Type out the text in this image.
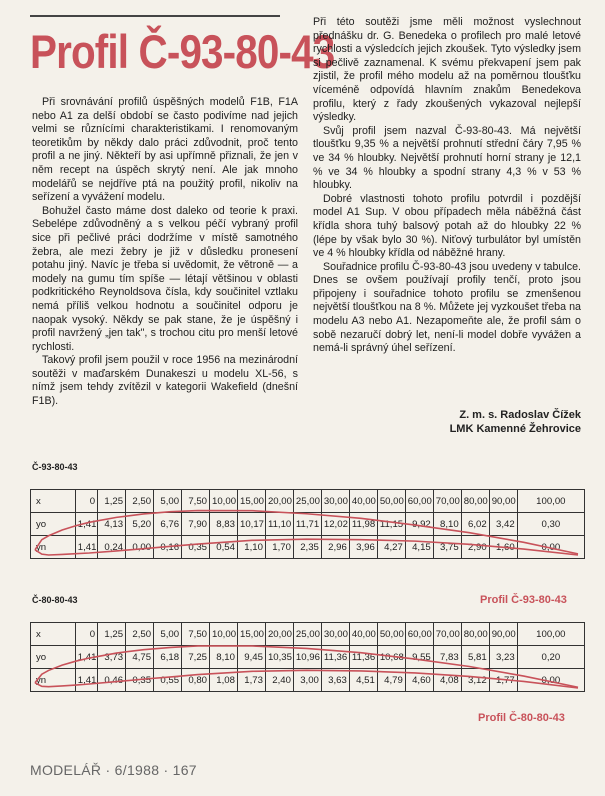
Profil Č-93-80-43

Při srovnávání profilů úspěšných modelů F1B, F1A nebo A1 za delší období se často podivíme nad jejich velmi se různícími charakteristikami. I renomovaným teoretikům by někdy dalo práci zdůvodnit, proč tento profil a ne jiný. Někteří by asi upřímně přiznali, že jen v něm recept na úspěch skrytý není. Ale jak mnoho modelářů se nejdříve ptá na použitý profil, nikoliv na seřízení a vyvážení modelu.

Bohužel často máme dost daleko od teorie k praxi. Sebelépe zdůvodněný a s velkou péčí vybraný profil sice při pečlivé práci dodržíme v místě samotného žebra, ale mezi žebry je již v důsledku pronesení potahu jiný. Navíc je třeba si uvědomit, že větroně — a modely na gumu tím spíše — létají většinou v oblasti podkritického Reynoldsova čísla, kdy součinitel vztlaku nemá příliš velkou hodnotu a součinitel odporu je naopak vysoký. Někdy se pak stane, že je úspěšný i profil navržený „jen tak", s trochou citu pro menší letové rychlosti.

Takový profil jsem použil v roce 1956 na mezinárodní soutěži v maďarském Dunakeszi u modelu XL-56, s nímž jsem tehdy zvítězil v kategorii Wakefield (dnešní F1B).

Při této soutěži jsme měli možnost vyslechnout přednášku dr. G. Benedeka o profilech pro malé letové rychlosti a výsledcích jejich zkoušek. Tyto výsledky jsem si pečlivě zaznamenal. K svému překvapení jsem pak zjistil, že profil mého modelu až na poměrnou tloušťku víceméně odpovídá hlavním znakům Benedekova profilu, který z řady zkoušených vykazoval nejlepší výsledky.

Svůj profil jsem nazval Č-93-80-43. Má největší tloušťku 9,35 % a největší prohnutí střední čáry 7,95 % ve 34 % hloubky. Největší prohnutí horní strany je 12,1 % ve 34 % hloubky a spodní strany 4,3 % v 53 % hloubky.

Dobré vlastnosti tohoto profilu potvrdil i pozdější model A1 Sup. V obou případech měla náběžná část křídla shora tuhý balsový potah až do hloubky 22 % (lépe by však bylo 30 %). Niťový turbulátor byl umístěn ve 4 % hloubky křídla od náběžné hrany.

Souřadnice profilu Č-93-80-43 jsou uvedeny v tabulce. Dnes se ovšem používají profily tenčí, proto jsou připojeny i souřadnice tohoto profilu se zmenšenou největší tloušťkou na 8 %. Můžete jej vyzkoušet třeba na modelu A3 nebo A1. Nezapomeňte ale, že profil sám o sobě nezaručí dobrý let, není-li model dobře vyvážen a nemá-li správný úhel seřízení.

Z. m. s. Radoslav Čížek
LMK Kamenné Žehrovice
Č-93-80-43
x	0	1,25	2,50	5,00	7,50	10,00	15,00	20,00	25,00	30,00	40,00	50,00	60,00	70,00	80,00	90,00	100,00
yo	1,41	4,13	5,20	6,76	7,90	8,83	10,17	11,10	11,71	12,02	11,98	11,15	9,92	8,10	6,02	3,42	0,30
yn	1,41	0,24	0,00	0,16	0,35	0,54	1,10	1,70	2,35	2,96	3,96	4,27	4,15	3,75	2,90	1,60	0,00
Č-80-80-43	Profil Č-93-80-43
x	0	1,25	2,50	5,00	7,50	10,00	15,00	20,00	25,00	30,00	40,00	50,00	60,00	70,00	80,00	90,00	100,00
yo	1,41	3,73	4,75	6,18	7,25	8,10	9,45	10,35	10,96	11,36	11,36	10,68	9,55	7,83	5,81	3,23	0,20
yn	1,41	0,46	0,35	0,55	0,80	1,08	1,73	2,40	3,00	3,63	4,51	4,79	4,60	4,08	3,12	1,77	0,00
Profil Č-80-80-43
MODELÁŘ · 6/1988 · 167
